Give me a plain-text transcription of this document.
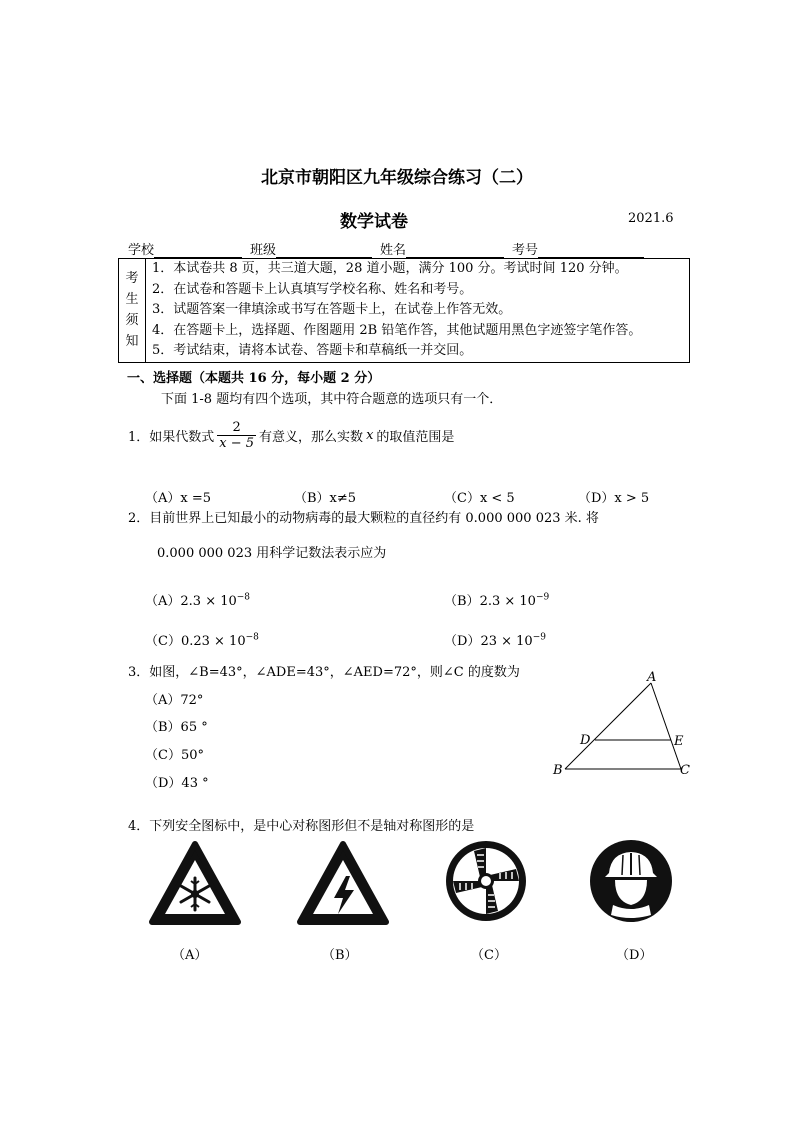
北京市朝阳区九年级综合练习（二）
数学试卷	2021.6
学校	班级	姓名	考号
考
生
须
知

1．本试卷共 8 页，共三道大题，28 道小题，满分 100 分。考试时间 120 分钟。
2．在试卷和答题卡上认真填写学校名称、姓名和考号。
3．试题答案一律填涂或书写在答题卡上，在试卷上作答无效。
4．在答题卡上，选择题、作图题用 2B 铅笔作答，其他试题用黑色字迹签字笔作答。
5．考试结束，请将本试卷、答题卡和草稿纸一并交回。
一、选择题（本题共 16 分，每小题 2 分）
下面 1-8 题均有四个选项，其中符合题意的选项只有一个．
1．如果代数式 $\frac{2}{x - 5}$ 有意义，那么实数 x 的取值范围是
（A）x =5	（B）x≠5	（C）x < 5	（D）x > 5
2．目前世界上已知最小的动物病毒的最大颗粒的直径约有 0.000 000 023 米. 将
0.000 000 023 用科学记数法表示应为
$(A)2.3 \times 10^{-8}$	$(B)2.3 \times 10^{-9}$
$(C)0.23 \times 10^{-8}$	$(D)23 \times 10^{-9}$
3．如图，∠B=43°，∠ADE=43°，∠AED=72°，则∠C 的度数为
（A）72°
（B）65 °
（C）50°
（D）43 °
A
D	E
B	C
4．下列安全图标中，是中心对称图形但不是轴对称图形的是
（A）	（B）	（C）	（D）
